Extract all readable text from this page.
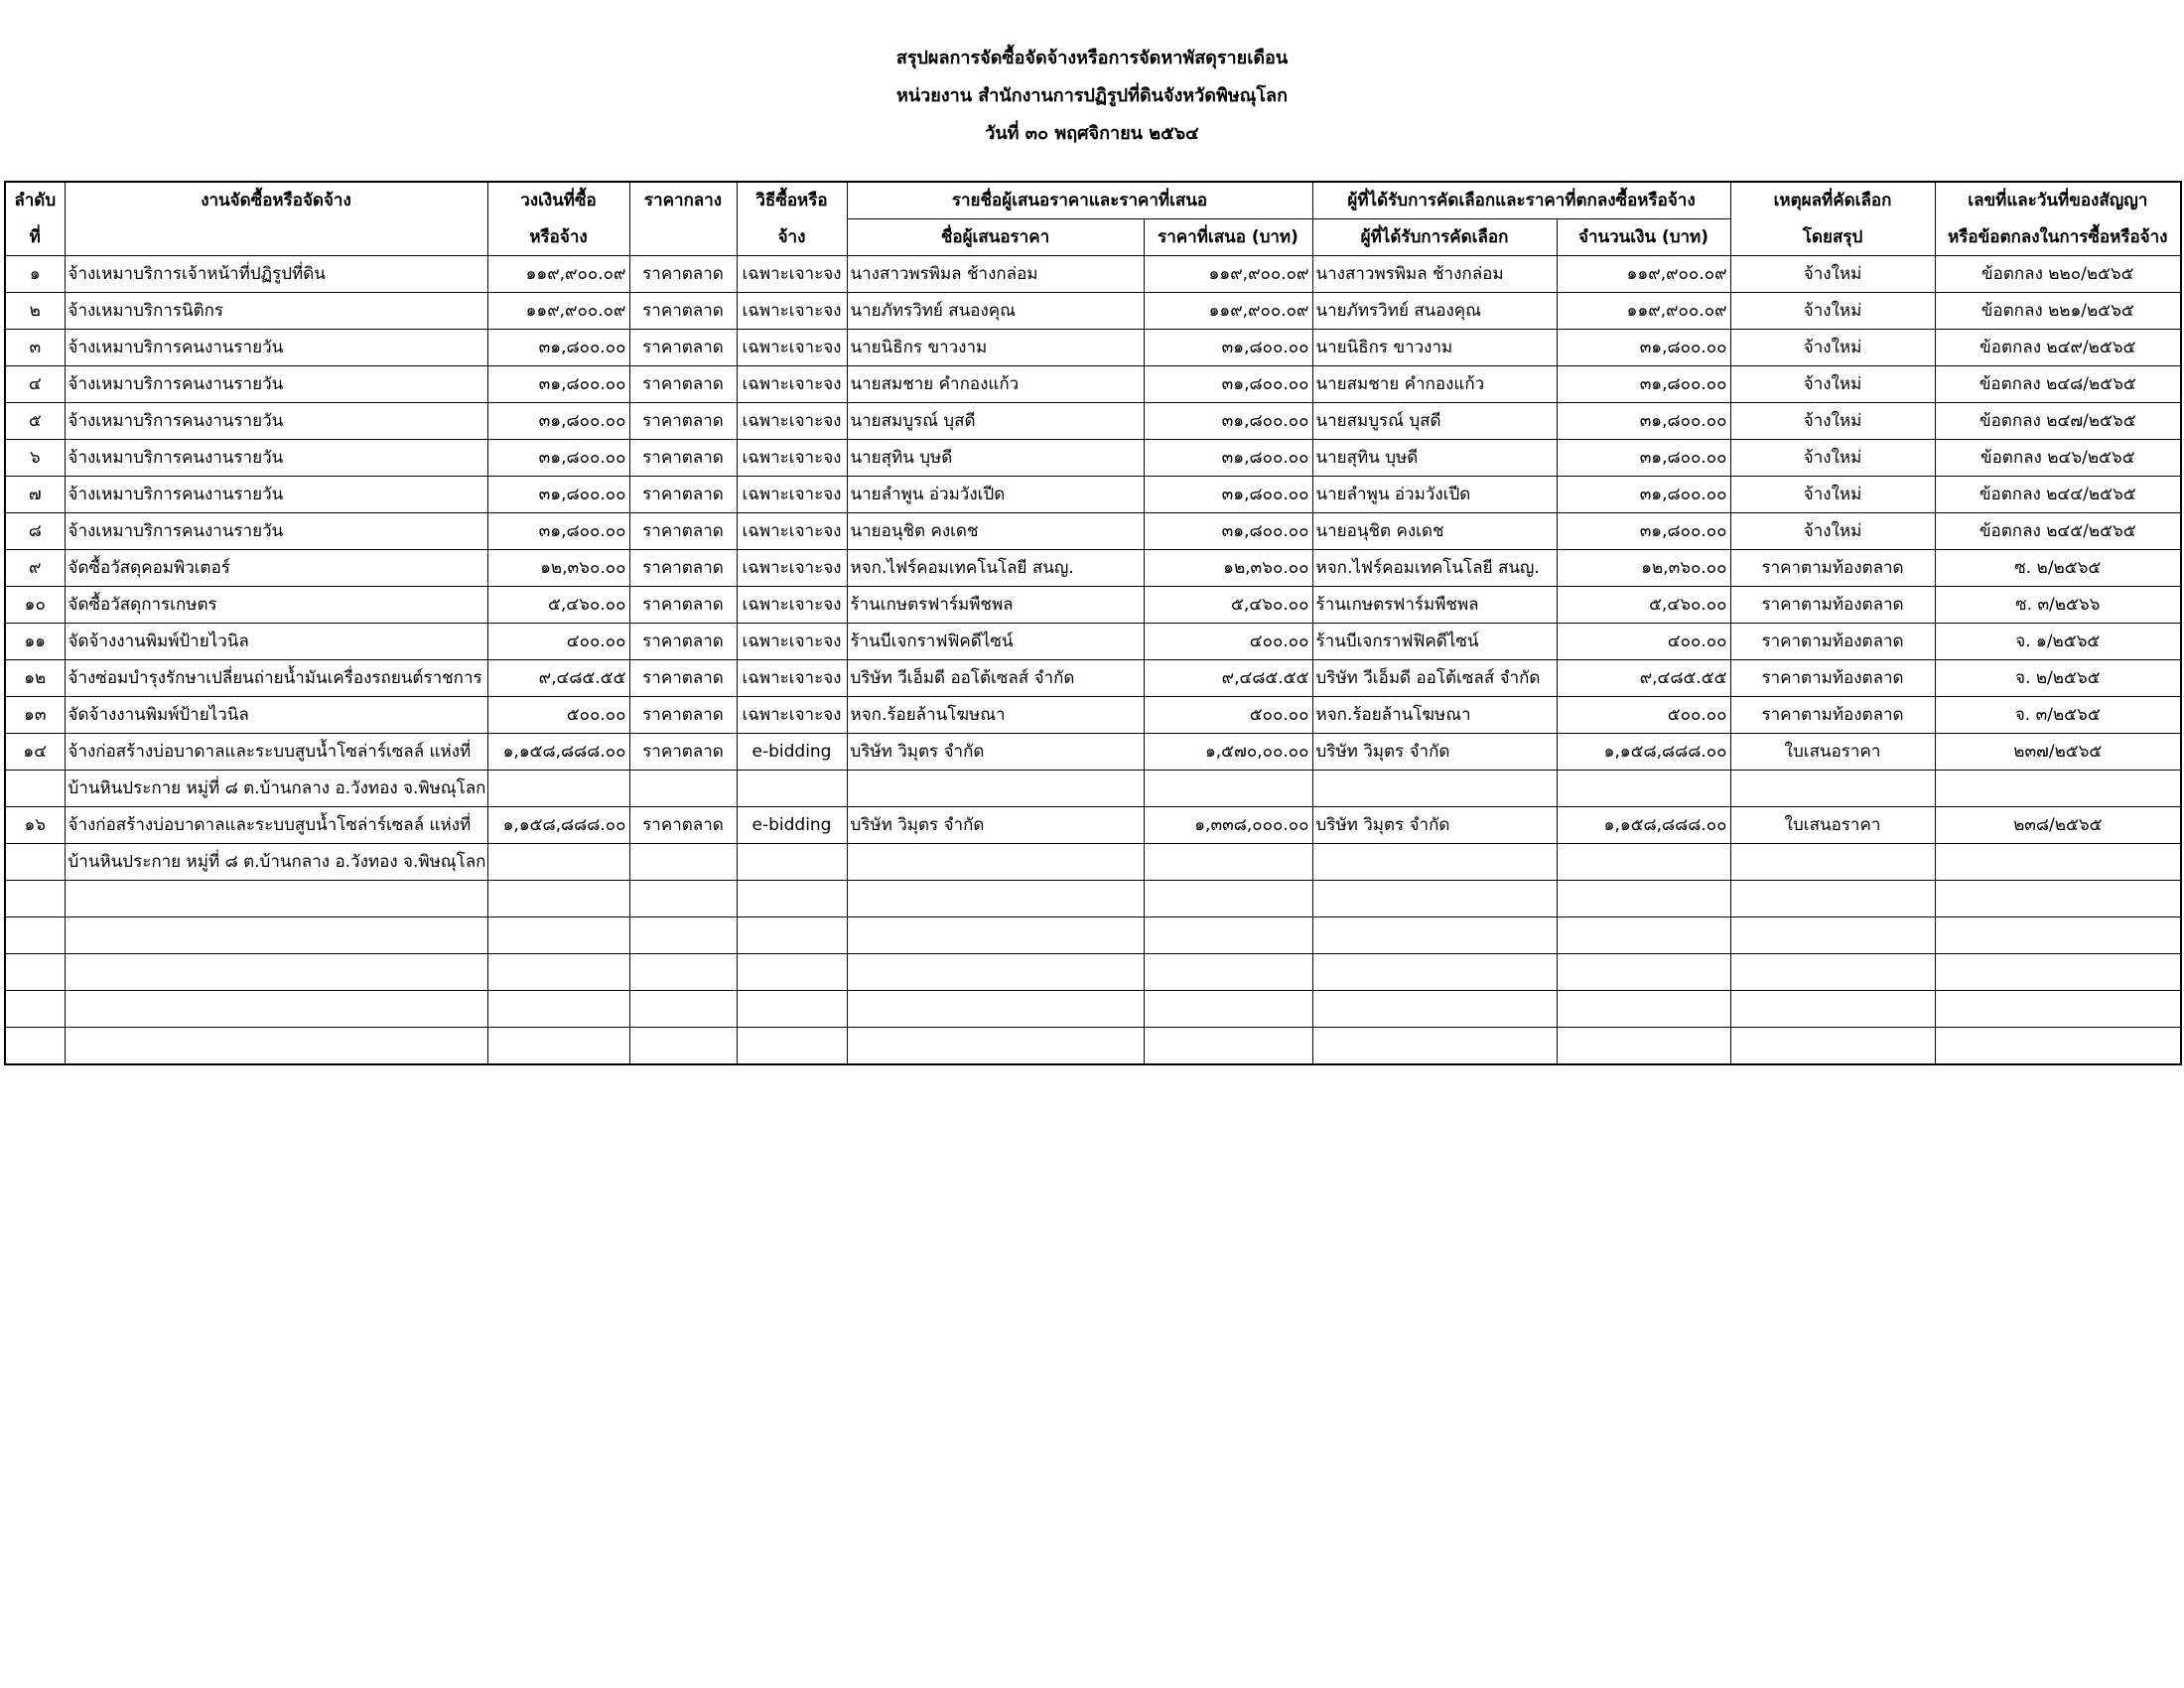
สรุปผลการจัดซื้อจัดจ้างหรือการจัดหาพัสดุรายเดือน
หน่วยงาน สำนักงานการปฏิรูปที่ดินจังหวัดพิษณุโลก
วันที่ ๓๐ พฤศจิกายน ๒๕๖๔
ลำดับ	งานจัดซื้อหรือจัดจ้าง	วงเงินที่ซื้อ	ราคากลาง	วิธีซื้อหรือ	รายชื่อผู้เสนอราคาและราคาที่เสนอ		ผู้ที่ได้รับการคัดเลือกและราคาที่ตกลงซื้อหรือจ้าง		เหตุผลที่คัดเลือก	เลขที่และวันที่ของสัญญา
ที่		หรือจ้าง		จ้าง	ชื่อผู้เสนอราคา	ราคาที่เสนอ (บาท)	ผู้ที่ได้รับการคัดเลือก	จำนวนเงิน (บาท)	โดยสรุป	หรือข้อตกลงในการซื้อหรือจ้าง
๑	จ้างเหมาบริการเจ้าหน้าที่ปฏิรูปที่ดิน	๑๑๙,๙๐๐.๐๙	ราคาตลาด	เฉพาะเจาะจง	นางสาวพรพิมล ช้างกล่อม	๑๑๙,๙๐๐.๐๙	นางสาวพรพิมล ช้างกล่อม	๑๑๙,๙๐๐.๐๙	จ้างใหม่	ข้อตกลง ๒๒๐/๒๕๖๕
๒	จ้างเหมาบริการนิติกร	๑๑๙,๙๐๐.๐๙	ราคาตลาด	เฉพาะเจาะจง	นายภัทรวิทย์ สนองคุณ	๑๑๙,๙๐๐.๐๙	นายภัทรวิทย์ สนองคุณ	๑๑๙,๙๐๐.๐๙	จ้างใหม่	ข้อตกลง ๒๒๑/๒๕๖๕
๓	จ้างเหมาบริการคนงานรายวัน	๓๑,๘๐๐.๐๐	ราคาตลาด	เฉพาะเจาะจง	นายนิธิกร ขาวงาม	๓๑,๘๐๐.๐๐	นายนิธิกร ขาวงาม	๓๑,๘๐๐.๐๐	จ้างใหม่	ข้อตกลง ๒๔๙/๒๕๖๕
๔	จ้างเหมาบริการคนงานรายวัน	๓๑,๘๐๐.๐๐	ราคาตลาด	เฉพาะเจาะจง	นายสมชาย คำกองแก้ว	๓๑,๘๐๐.๐๐	นายสมชาย คำกองแก้ว	๓๑,๘๐๐.๐๐	จ้างใหม่	ข้อตกลง ๒๔๘/๒๕๖๕
๕	จ้างเหมาบริการคนงานรายวัน	๓๑,๘๐๐.๐๐	ราคาตลาด	เฉพาะเจาะจง	นายสมบูรณ์ บุสดี	๓๑,๘๐๐.๐๐	นายสมบูรณ์ บุสดี	๓๑,๘๐๐.๐๐	จ้างใหม่	ข้อตกลง ๒๔๗/๒๕๖๕
๖	จ้างเหมาบริการคนงานรายวัน	๓๑,๘๐๐.๐๐	ราคาตลาด	เฉพาะเจาะจง	นายสุทิน บุษดี	๓๑,๘๐๐.๐๐	นายสุทิน บุษดี	๓๑,๘๐๐.๐๐	จ้างใหม่	ข้อตกลง ๒๔๖/๒๕๖๕
๗	จ้างเหมาบริการคนงานรายวัน	๓๑,๘๐๐.๐๐	ราคาตลาด	เฉพาะเจาะจง	นายลำพูน อ่วมวังเปีด	๓๑,๘๐๐.๐๐	นายลำพูน อ่วมวังเปีด	๓๑,๘๐๐.๐๐	จ้างใหม่	ข้อตกลง ๒๔๔/๒๕๖๕
๘	จ้างเหมาบริการคนงานรายวัน	๓๑,๘๐๐.๐๐	ราคาตลาด	เฉพาะเจาะจง	นายอนุชิต คงเดช	๓๑,๘๐๐.๐๐	นายอนุชิต คงเดช	๓๑,๘๐๐.๐๐	จ้างใหม่	ข้อตกลง ๒๔๕/๒๕๖๕
๙	จัดซื้อวัสดุคอมพิวเตอร์	๑๒,๓๖๐.๐๐	ราคาตลาด	เฉพาะเจาะจง	หจก.ไฟร์คอมเทคโนโลยี สนญ.	๑๒,๓๖๐.๐๐	หจก.ไฟร์คอมเทคโนโลยี สนญ.	๑๒,๓๖๐.๐๐	ราคาตามท้องตลาด	ซ. ๒/๒๕๖๕
๑๐	จัดซื้อวัสดุการเกษตร	๕,๔๖๐.๐๐	ราคาตลาด	เฉพาะเจาะจง	ร้านเกษตรฟาร์มพืชพล	๕,๔๖๐.๐๐	ร้านเกษตรฟาร์มพืชพล	๕,๔๖๐.๐๐	ราคาตามท้องตลาด	ซ. ๓/๒๕๖๖
๑๑	จัดจ้างงานพิมพ์ป้ายไวนิล	๔๐๐.๐๐	ราคาตลาด	เฉพาะเจาะจง	ร้านบีเจกราฟฟิคดีไซน์	๔๐๐.๐๐	ร้านบีเจกราฟฟิคดีไซน์	๔๐๐.๐๐	ราคาตามท้องตลาด	จ. ๑/๒๕๖๕
๑๒	จ้างซ่อมบำรุงรักษาเปลี่ยนถ่ายน้ำมันเครื่องรถยนต์ราชการ	๙,๔๘๕.๕๕	ราคาตลาด	เฉพาะเจาะจง	บริษัท วีเอ็มดี ออโต้เซลส์ จำกัด	๙,๔๘๕.๕๕	บริษัท วีเอ็มดี ออโต้เซลส์ จำกัด	๙,๔๘๕.๕๕	ราคาตามท้องตลาด	จ. ๒/๒๕๖๕
๑๓	จัดจ้างงานพิมพ์ป้ายไวนิล	๕๐๐.๐๐	ราคาตลาด	เฉพาะเจาะจง	หจก.ร้อยล้านโฆษณา	๕๐๐.๐๐	หจก.ร้อยล้านโฆษณา	๕๐๐.๐๐	ราคาตามท้องตลาด	จ. ๓/๒๕๖๕
๑๔	จ้างก่อสร้างบ่อบาดาลและระบบสูบน้ำโซล่าร์เซลล์ แห่งที่	๑,๑๕๘,๘๘๘.๐๐	ราคาตลาด	e-bidding	บริษัท วิมุตร จำกัด	๑,๕๗๐,๐๐.๐๐	บริษัท วิมุตร จำกัด	๑,๑๕๘,๘๘๘.๐๐	ใบเสนอราคา	๒๓๗/๒๕๖๕
	บ้านหินประกาย หมู่ที่ ๘ ต.บ้านกลาง อ.วังทอง จ.พิษณุโลก									
๑๖	จ้างก่อสร้างบ่อบาดาลและระบบสูบน้ำโซล่าร์เซลล์ แห่งที่	๑,๑๕๘,๘๘๘.๐๐	ราคาตลาด	e-bidding	บริษัท วิมุตร จำกัด	๑,๓๓๘,๐๐๐.๐๐	บริษัท วิมุตร จำกัด	๑,๑๕๘,๘๘๘.๐๐	ใบเสนอราคา	๒๓๘/๒๕๖๕
	บ้านหินประกาย หมู่ที่ ๘ ต.บ้านกลาง อ.วังทอง จ.พิษณุโลก									
